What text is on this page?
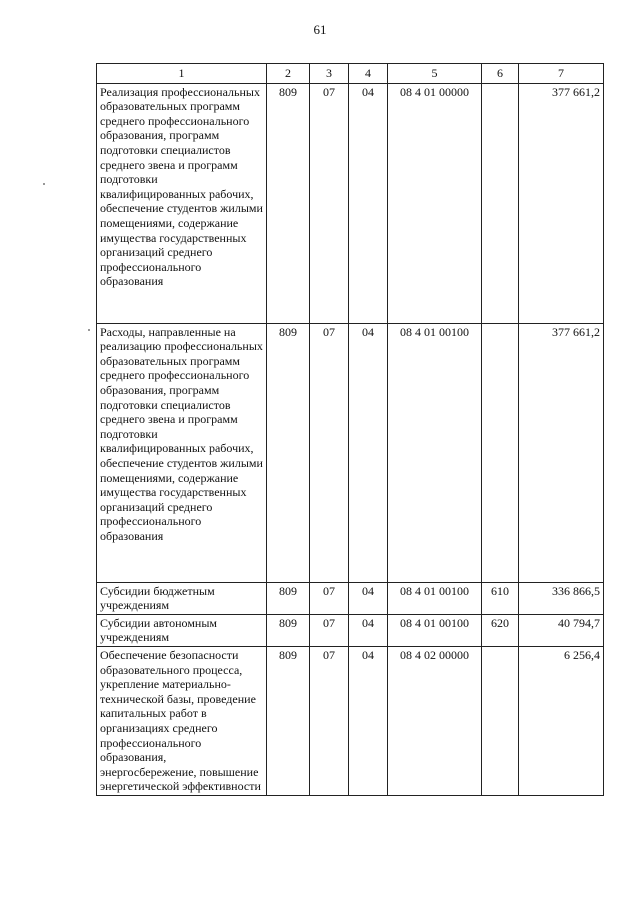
61
1	2	3	4	5	6	7
Реализация профессиональных образовательных программ среднего профессионального образования, программ подготовки специалистов среднего звена и программ подготовки квалифицированных рабочих, обеспечение студентов жилыми помещениями, содержание имущества государственных организаций среднего профессионального образования	809	07	04	08 4 01 00000		377 661,2
Расходы, направленные на реализацию профессиональных образовательных программ среднего профессионального образования, программ подготовки специалистов среднего звена и программ подготовки квалифицированных рабочих, обеспечение студентов жилыми помещениями, содержание имущества государственных организаций среднего профессионального образования	809	07	04	08 4 01 00100		377 661,2
Субсидии бюджетным учреждениям	809	07	04	08 4 01 00100	610	336 866,5
Субсидии автономным учреждениям	809	07	04	08 4 01 00100	620	40 794,7
Обеспечение безопасности образовательного процесса, укрепление материально-технической базы, проведение капитальных работ в организациях среднего профессионального образования, энергосбережение, повышение энергетической эффективности	809	07	04	08 4 02 00000		6 256,4
